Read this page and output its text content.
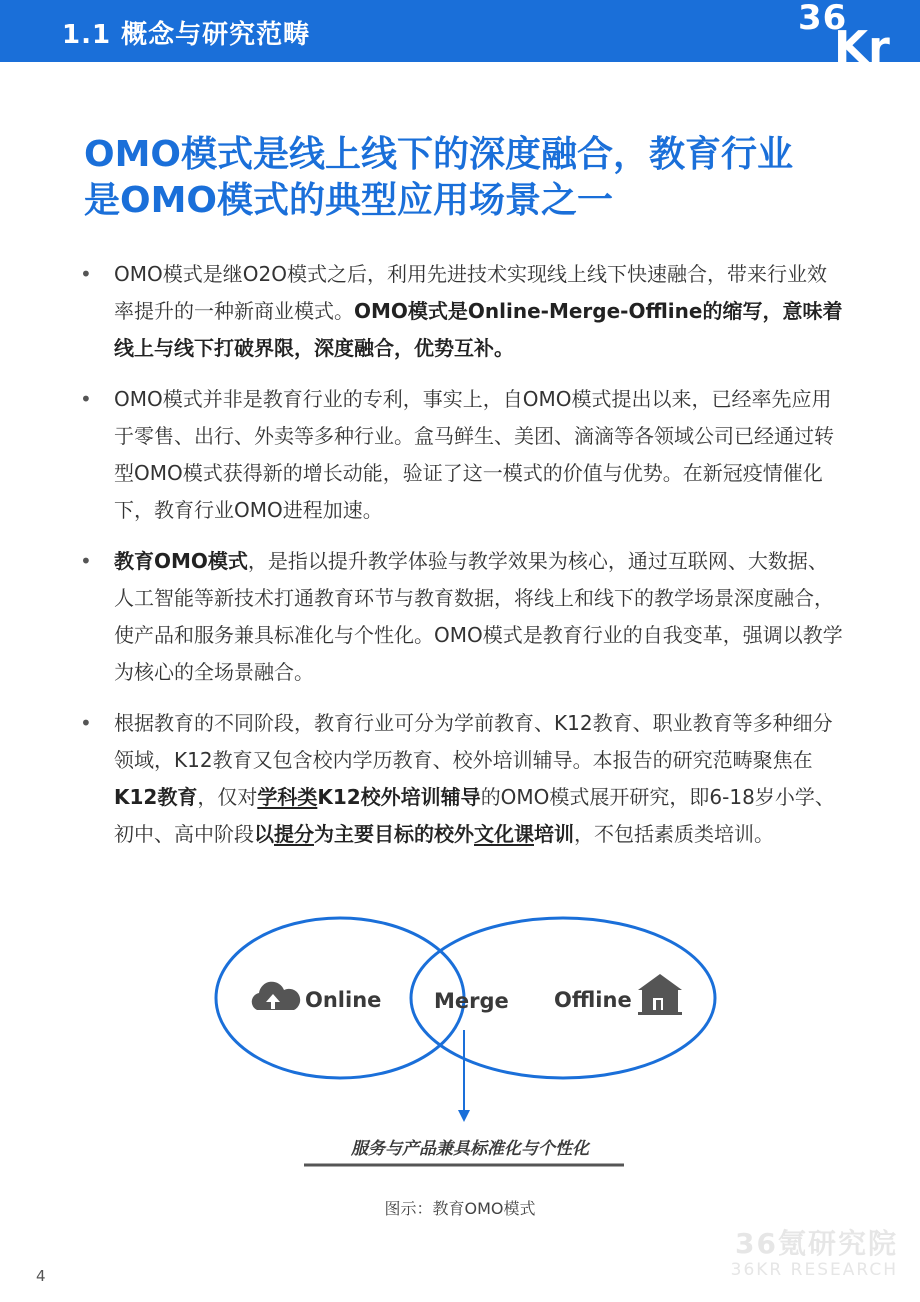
1.1 概念与研究范畴	36
Kr
OMO模式是线上线下的深度融合，教育行业
是OMO模式的典型应用场景之一
• OMO模式是继O2O模式之后，利用先进技术实现线上线下快速融合，带来行业效率提升的一种新商业模式。OMO模式是Online-Merge-Offline的缩写，意味着线上与线下打破界限，深度融合，优势互补。
• OMO模式并非是教育行业的专利，事实上，自OMO模式提出以来，已经率先应用于零售、出行、外卖等多种行业。盒马鲜生、美团、滴滴等各领域公司已经通过转型OMO模式获得新的增长动能，验证了这一模式的价值与优势。在新冠疫情催化下，教育行业OMO进程加速。
• 教育OMO模式，是指以提升教学体验与教学效果为核心，通过互联网、大数据、人工智能等新技术打通教育环节与教育数据，将线上和线下的教学场景深度融合，使产品和服务兼具标准化与个性化。OMO模式是教育行业的自我变革，强调以教学为核心的全场景融合。
• 根据教育的不同阶段，教育行业可分为学前教育、K12教育、职业教育等多种细分领域，K12教育又包含校内学历教育、校外培训辅导。本报告的研究范畴聚焦在K12教育，仅对学科类K12校外培训辅导的OMO模式展开研究，即6-18岁小学、初中、高中阶段以提分为主要目标的校外文化课培训，不包括素质类培训。
Online	Merge Offline
服务与产品兼具标准化与个性化
图示：教育OMO模式
4
36氪研究院
36KR RESEARCH
